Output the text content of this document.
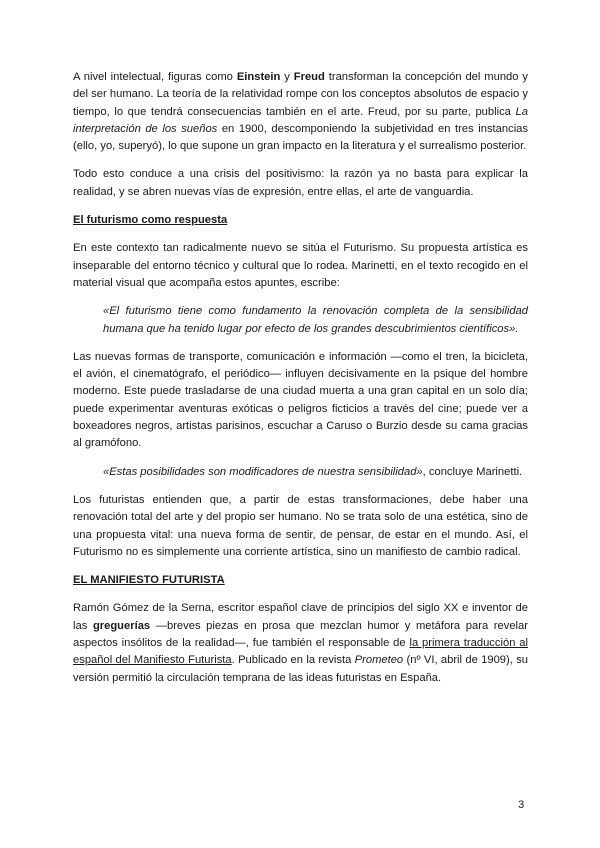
A nivel intelectual, figuras como Einstein y Freud transforman la concepción del mundo y del ser humano. La teoría de la relatividad rompe con los conceptos absolutos de espacio y tiempo, lo que tendrá consecuencias también en el arte. Freud, por su parte, publica La interpretación de los sueños en 1900, descomponiendo la subjetividad en tres instancias (ello, yo, superyó), lo que supone un gran impacto en la literatura y el surrealismo posterior.

Todo esto conduce a una crisis del positivismo: la razón ya no basta para explicar la realidad, y se abren nuevas vías de expresión, entre ellas, el arte de vanguardia.

El futurismo como respuesta

En este contexto tan radicalmente nuevo se sitúa el Futurismo. Su propuesta artística es inseparable del entorno técnico y cultural que lo rodea. Marinetti, en el texto recogido en el material visual que acompaña estos apuntes, escribe:

«El futurismo tiene como fundamento la renovación completa de la sensibilidad humana que ha tenido lugar por efecto de los grandes descubrimientos científicos».

Las nuevas formas de transporte, comunicación e información —como el tren, la bicicleta, el avión, el cinematógrafo, el periódico— influyen decisivamente en la psique del hombre moderno. Este puede trasladarse de una ciudad muerta a una gran capital en un solo día; puede experimentar aventuras exóticas o peligros ficticios a través del cine; puede ver a boxeadores negros, artistas parisinos, escuchar a Caruso o Burzio desde su cama gracias al gramófono.

«Estas posibilidades son modificadores de nuestra sensibilidad», concluye Marinetti.

Los futuristas entienden que, a partir de estas transformaciones, debe haber una renovación total del arte y del propio ser humano. No se trata solo de una estética, sino de una propuesta vital: una nueva forma de sentir, de pensar, de estar en el mundo. Así, el Futurismo no es simplemente una corriente artística, sino un manifiesto de cambio radical.

EL MANIFIESTO FUTURISTA

Ramón Gómez de la Serna, escritor español clave de principios del siglo XX e inventor de las greguerías —breves piezas en prosa que mezclan humor y metáfora para revelar aspectos insólitos de la realidad—, fue también el responsable de la primera traducción al español del Manifiesto Futurista. Publicado en la revista Prometeo (nº VI, abril de 1909), su versión permitió la circulación temprana de las ideas futuristas en España.

3
